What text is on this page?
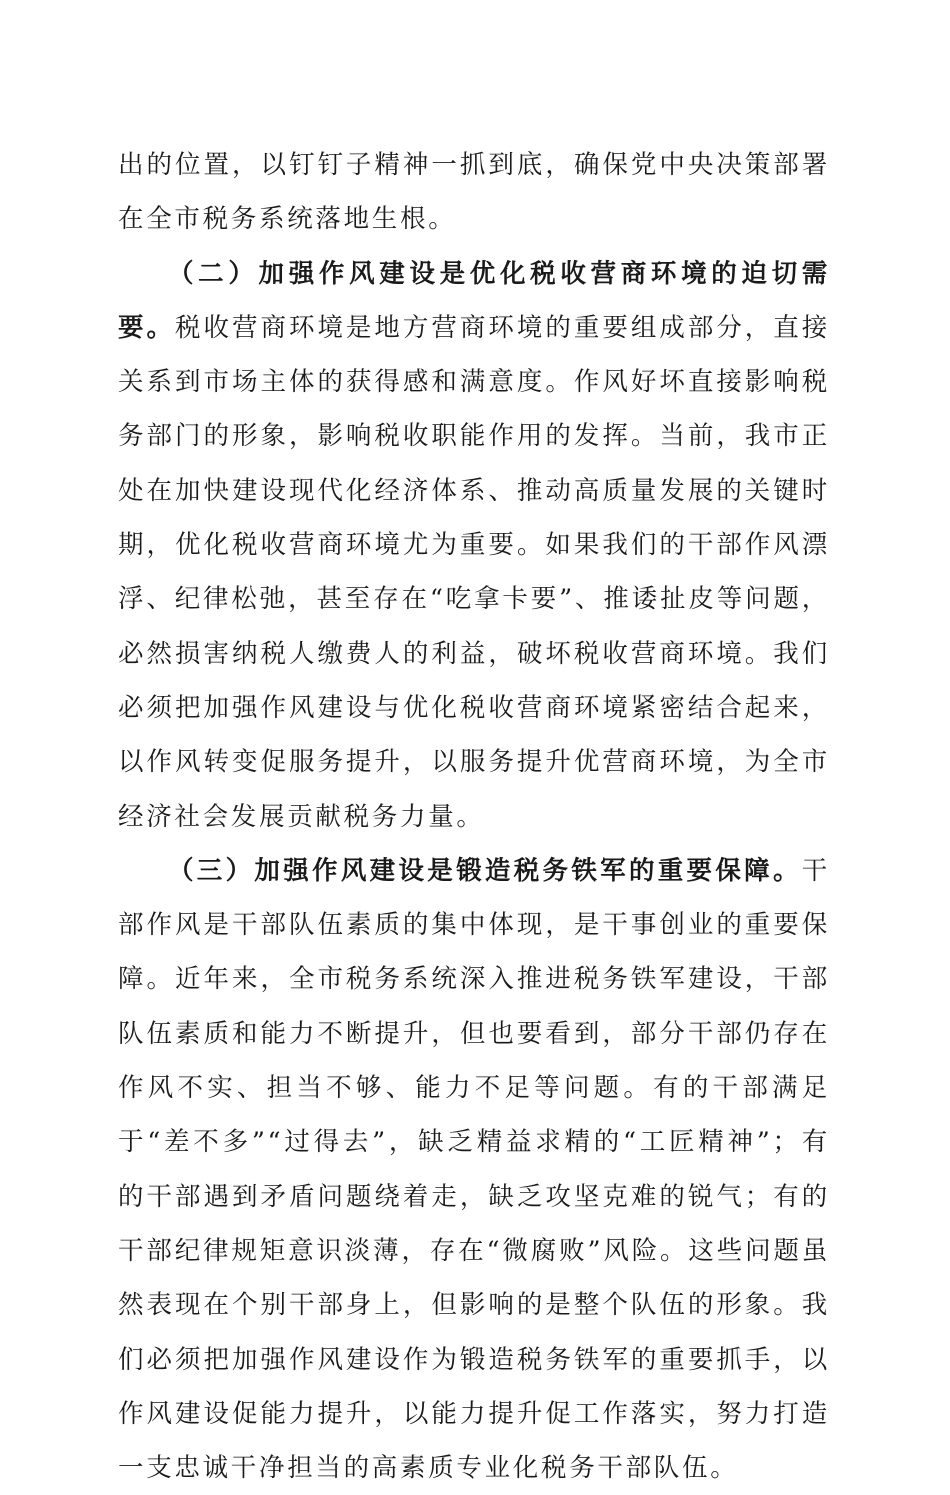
出的位置，以钉钉子精神一抓到底，确保党中央决策部署在全市税务系统落地生根。

（二）加强作风建设是优化税收营商环境的迫切需要。税收营商环境是地方营商环境的重要组成部分，直接关系到市场主体的获得感和满意度。作风好坏直接影响税务部门的形象，影响税收职能作用的发挥。当前，我市正处在加快建设现代化经济体系、推动高质量发展的关键时期，优化税收营商环境尤为重要。如果我们的干部作风漂浮、纪律松弛，甚至存在“吃拿卡要”、推诿扯皮等问题，必然损害纳税人缴费人的利益，破坏税收营商环境。我们必须把加强作风建设与优化税收营商环境紧密结合起来，以作风转变促服务提升，以服务提升优营商环境，为全市经济社会发展贡献税务力量。

（三）加强作风建设是锻造税务铁军的重要保障。干部作风是干部队伍素质的集中体现，是干事创业的重要保障。近年来，全市税务系统深入推进税务铁军建设，干部队伍素质和能力不断提升，但也要看到，部分干部仍存在作风不实、担当不够、能力不足等问题。有的干部满足于“差不多”“过得去”，缺乏精益求精的“工匠精神”；有的干部遇到矛盾问题绕着走，缺乏攻坚克难的锐气；有的干部纪律规矩意识淡薄，存在“微腐败”风险。这些问题虽然表现在个别干部身上，但影响的是整个队伍的形象。我们必须把加强作风建设作为锻造税务铁军的重要抓手，以作风建设促能力提升，以能力提升促工作落实，努力打造一支忠诚干净担当的高素质专业化税务干部队伍。
